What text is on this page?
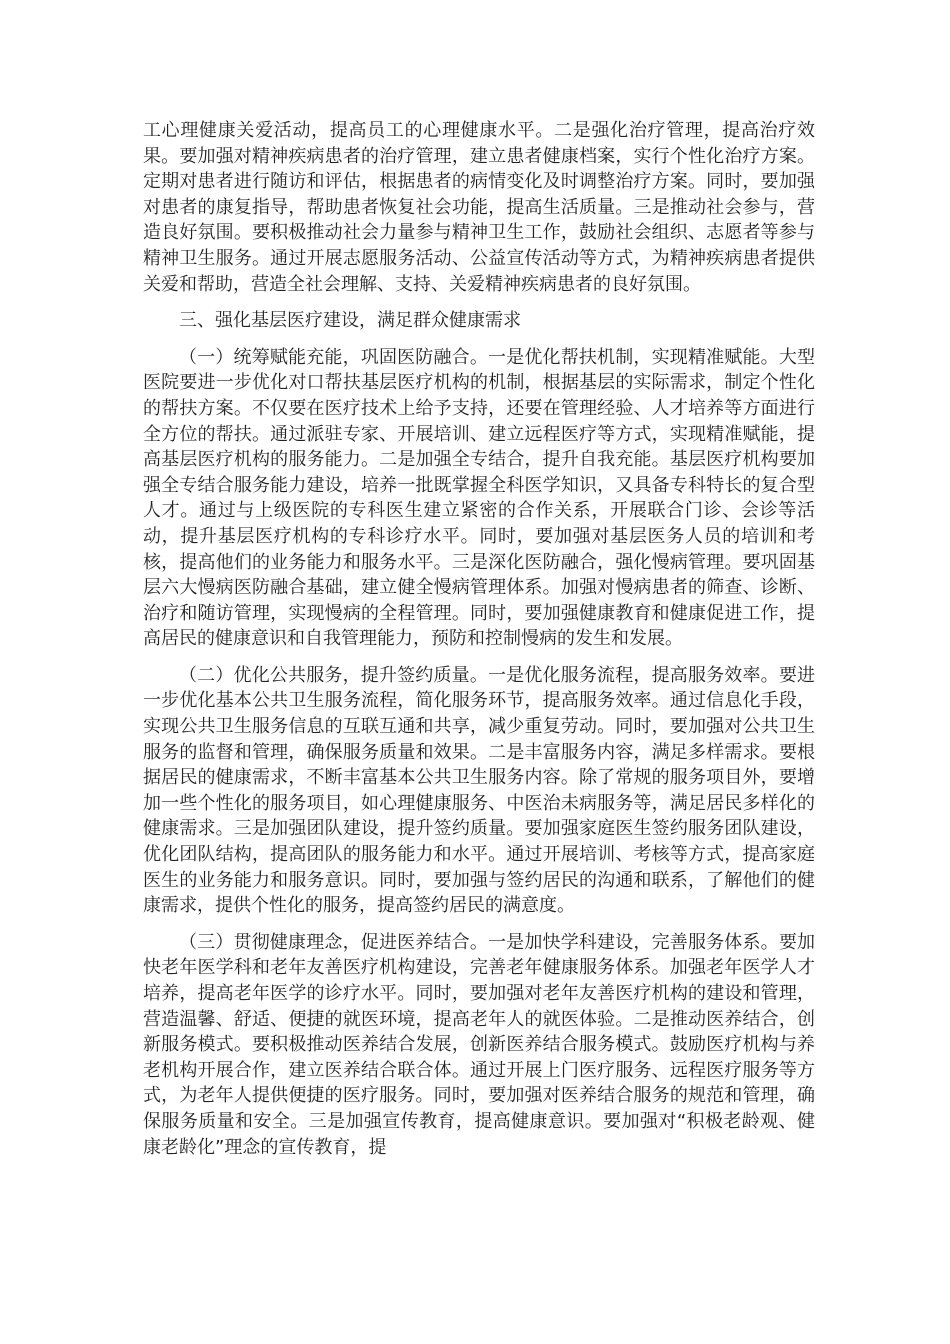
工心理健康关爱活动，提高员工的心理健康水平。二是强化治疗管理，提高治疗效果。要加强对精神疾病患者的治疗管理，建立患者健康档案，实行个性化治疗方案。定期对患者进行随访和评估，根据患者的病情变化及时调整治疗方案。同时，要加强对患者的康复指导，帮助患者恢复社会功能，提高生活质量。三是推动社会参与，营造良好氛围。要积极推动社会力量参与精神卫生工作，鼓励社会组织、志愿者等参与精神卫生服务。通过开展志愿服务活动、公益宣传活动等方式，为精神疾病患者提供关爱和帮助，营造全社会理解、支持、关爱精神疾病患者的良好氛围。

三、强化基层医疗建设，满足群众健康需求

（一）统筹赋能充能，巩固医防融合。一是优化帮扶机制，实现精准赋能。大型医院要进一步优化对口帮扶基层医疗机构的机制，根据基层的实际需求，制定个性化的帮扶方案。不仅要在医疗技术上给予支持，还要在管理经验、人才培养等方面进行全方位的帮扶。通过派驻专家、开展培训、建立远程医疗等方式，实现精准赋能，提高基层医疗机构的服务能力。二是加强全专结合，提升自我充能。基层医疗机构要加强全专结合服务能力建设，培养一批既掌握全科医学知识，又具备专科特长的复合型人才。通过与上级医院的专科医生建立紧密的合作关系，开展联合门诊、会诊等活动，提升基层医疗机构的专科诊疗水平。同时，要加强对基层医务人员的培训和考核，提高他们的业务能力和服务水平。三是深化医防融合，强化慢病管理。要巩固基层六大慢病医防融合基础，建立健全慢病管理体系。加强对慢病患者的筛查、诊断、治疗和随访管理，实现慢病的全程管理。同时，要加强健康教育和健康促进工作，提高居民的健康意识和自我管理能力，预防和控制慢病的发生和发展。

（二）优化公共服务，提升签约质量。一是优化服务流程，提高服务效率。要进一步优化基本公共卫生服务流程，简化服务环节，提高服务效率。通过信息化手段，实现公共卫生服务信息的互联互通和共享，减少重复劳动。同时，要加强对公共卫生服务的监督和管理，确保服务质量和效果。二是丰富服务内容，满足多样需求。要根据居民的健康需求，不断丰富基本公共卫生服务内容。除了常规的服务项目外，要增加一些个性化的服务项目，如心理健康服务、中医治未病服务等，满足居民多样化的健康需求。三是加强团队建设，提升签约质量。要加强家庭医生签约服务团队建设，优化团队结构，提高团队的服务能力和水平。通过开展培训、考核等方式，提高家庭医生的业务能力和服务意识。同时，要加强与签约居民的沟通和联系，了解他们的健康需求，提供个性化的服务，提高签约居民的满意度。

（三）贯彻健康理念，促进医养结合。一是加快学科建设，完善服务体系。要加快老年医学科和老年友善医疗机构建设，完善老年健康服务体系。加强老年医学人才培养，提高老年医学的诊疗水平。同时，要加强对老年友善医疗机构的建设和管理，营造温馨、舒适、便捷的就医环境，提高老年人的就医体验。二是推动医养结合，创新服务模式。要积极推动医养结合发展，创新医养结合服务模式。鼓励医疗机构与养老机构开展合作，建立医养结合联合体。通过开展上门医疗服务、远程医疗服务等方式，为老年人提供便捷的医疗服务。同时，要加强对医养结合服务的规范和管理，确保服务质量和安全。三是加强宣传教育，提高健康意识。要加强对“积极老龄观、健康老龄化”理念的宣传教育，提
